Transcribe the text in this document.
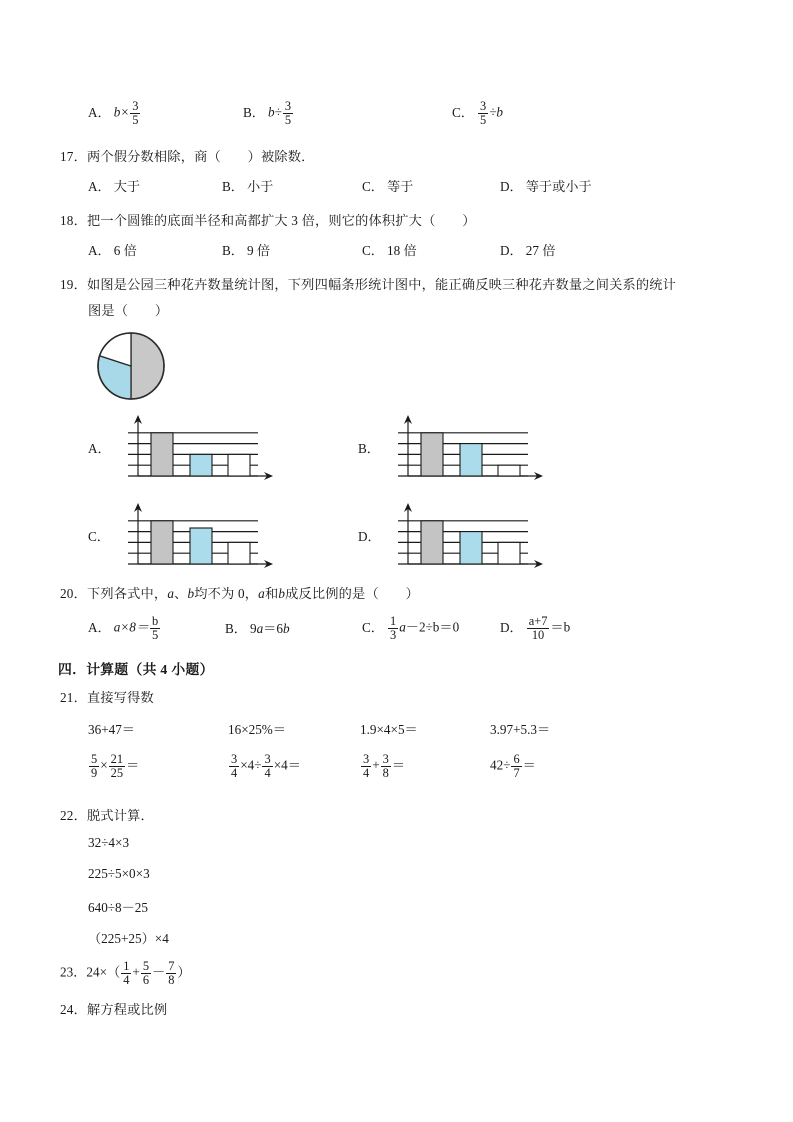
A． $b\times \frac{3}{5}$	B． $b\div \frac{3}{5}$	C． $\frac{3}{5} \div b$
17．两个假分数相除，商（　　）被除数．
A． 大于	B． 小于	C． 等于	D． 等于或小于
18．把一个圆锥的底面半径和高都扩大 3 倍，则它的体积扩大（　　）
A． 6 倍	B． 9 倍	C． 18 倍	D． 27 倍
19．如图是公园三种花卉数量统计图，下列四幅条形统计图中，能正确反映三种花卉数量之间关系的统计
图是（　　）
A．	B．
C．	D．
20．下列各式中，a、b均不为 0，a和b成反比例的是（　　）
A． $a\times 8= \frac{b}{5}$	B． 9a＝6b	C． $\frac{1}{3} a-2\div b=0$	D． $\frac{a+7}{10} =b$
四．计算题（共 4 小题）
21．直接写得数
36+47＝	16×25%＝	1.9×4×5＝	3.97+5.3＝
$\frac{5}{9} \times \frac{21}{25}$ ＝	$\frac{3}{4} \times 4\div \frac{3}{4} \times 4=$	$\frac{3}{4} + \frac{3}{8}$ ＝	$42\div \frac{6}{7}$ ＝
22．脱式计算．
32÷4×3
225÷5×0×3
640÷8－25
（225+25）×4
23．$24\times( \frac{1}{4} + \frac{5}{6} - \frac{7}{8}$ ）
24．解方程或比例
